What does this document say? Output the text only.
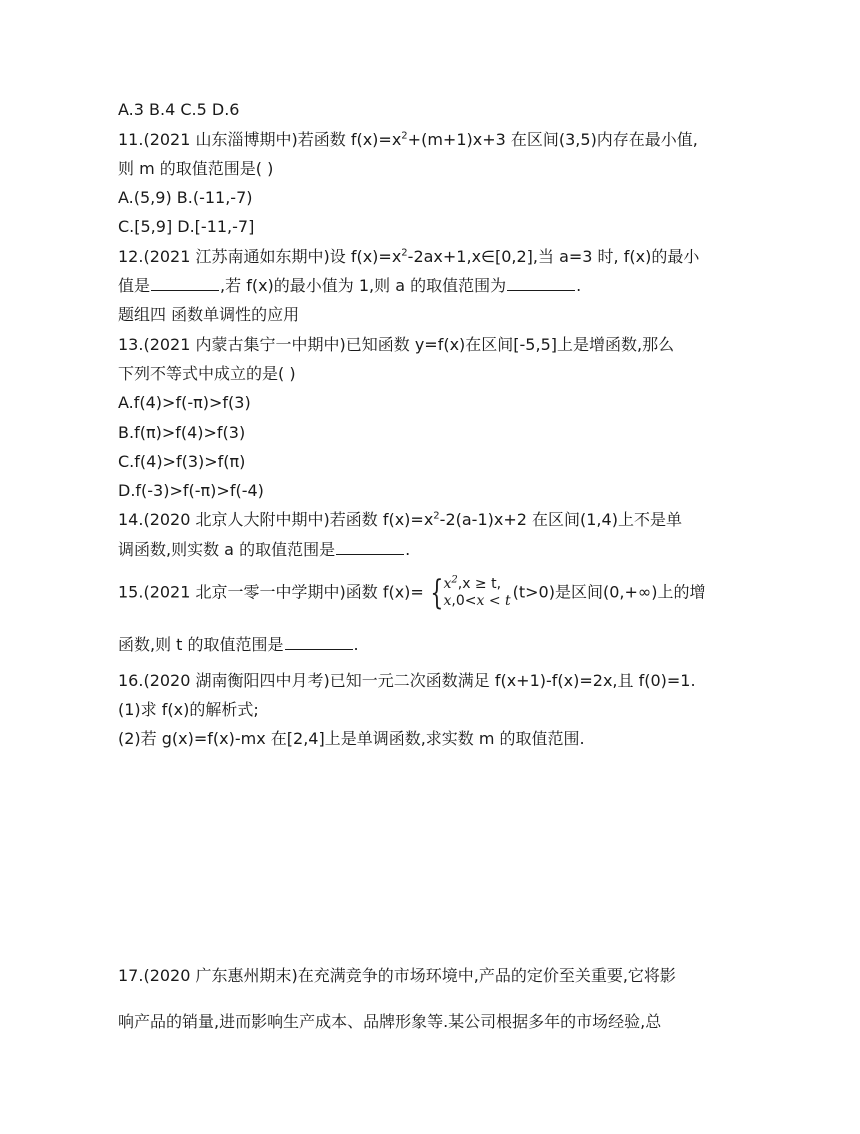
A.3 B.4 C.5 D.6
11.(2021 山东淄博期中)若函数 $f(x)=x^2+(m+1)x+3$ 在区间(3,5)内存在最小值,
则 m 的取值范围是( )
A.(5,9) B.(-11,-7)
C.[5,9] D.[-11,-7]
12.(2021 江苏南通如东期中)设 $f(x)=x^2-2ax+1,x\in[0,2]$,当 a=3 时, f(x)的最小
值是	,若 f(x)的最小值为 1,则 a 的取值范围为	.
题组四 函数单调性的应用
13.(2021 内蒙古集宁一中期中)已知函数 y=f(x)在区间[-5,5]上是增函数,那么
下列不等式中成立的是( )
A.f(4)>f(-π)>f(3)
B.f(π)>f(4)>f(3)
C.f(4)>f(3)>f(π)
D.f(-3)>f(-π)>f(-4)
14.(2020 北京人大附中期中)若函数 $f(x)=x^2-2(a-1)x+2$ 在区间(1,4)上不是单
调函数,则实数 a 的取值范围是	.
15.(2021 北京一零一中学期中)函数 f(x)= { $x^2,x \ge t$,
x,0<x < t (t>0)是区间(0,+∞)上的增
函数,则 t 的取值范围是	.
16.(2020 湖南衡阳四中月考)已知一元二次函数满足 f(x+1)-f(x)=2x,且 f(0)=1.
(1)求 f(x)的解析式;
(2)若 g(x)=f(x)-mx 在[2,4]上是单调函数,求实数 m 的取值范围.
17.(2020 广东惠州期末)在充满竞争的市场环境中,产品的定价至关重要,它将影
响产品的销量,进而影响生产成本、品牌形象等.某公司根据多年的市场经验,总
